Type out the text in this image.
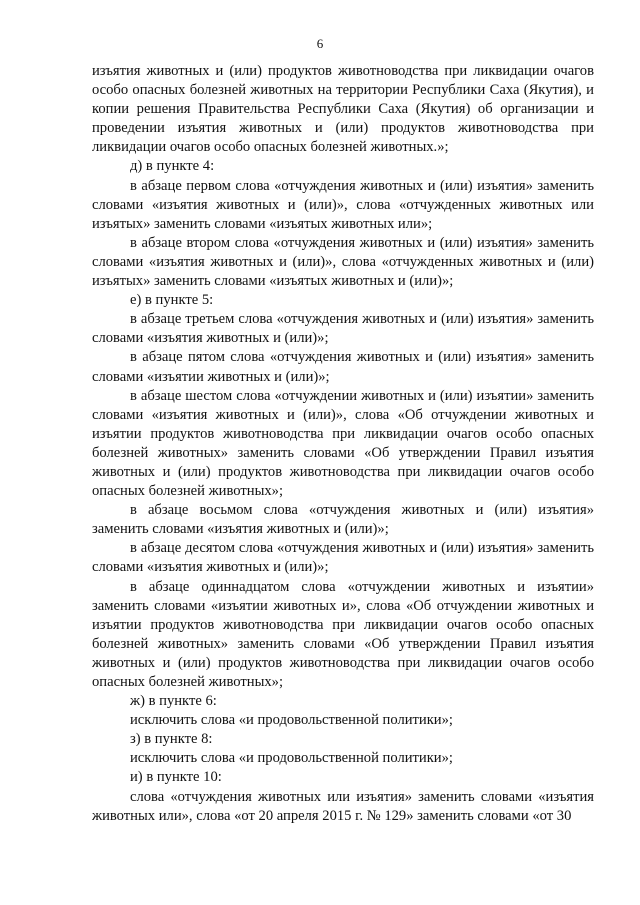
6

изъятия животных и (или) продуктов животноводства при ликвидации очагов особо опасных болезней животных на территории Республики Саха (Якутия), и копии решения Правительства Республики Саха (Якутия) об организации и проведении изъятия животных и (или) продуктов животноводства при ликвидации очагов особо опасных болезней животных.»;

д) в пункте 4:

в абзаце первом слова «отчуждения животных и (или) изъятия» заменить словами «изъятия животных и (или)», слова «отчужденных животных или изъятых» заменить словами «изъятых животных или»;

в абзаце втором слова «отчуждения животных и (или) изъятия» заменить словами «изъятия животных и (или)», слова «отчужденных животных и (или) изъятых» заменить словами «изъятых животных и (или)»;

е) в пункте 5:

в абзаце третьем слова «отчуждения животных и (или) изъятия» заменить словами «изъятия животных и (или)»;

в абзаце пятом слова «отчуждения животных и (или) изъятия» заменить словами «изъятии животных и (или)»;

в абзаце шестом слова «отчуждении животных и (или) изъятии» заменить словами «изъятия животных и (или)», слова «Об отчуждении животных и изъятии продуктов животноводства при ликвидации очагов особо опасных болезней животных» заменить словами «Об утверждении Правил изъятия животных и (или) продуктов животноводства при ликвидации очагов особо опасных болезней животных»;

в абзаце восьмом слова «отчуждения животных и (или) изъятия» заменить словами «изъятия животных и (или)»;

в абзаце десятом слова «отчуждения животных и (или) изъятия» заменить словами «изъятия животных и (или)»;

в абзаце одиннадцатом слова «отчуждении животных и изъятии» заменить словами «изъятии животных и», слова «Об отчуждении животных и изъятии продуктов животноводства при ликвидации очагов особо опасных болезней животных» заменить словами «Об утверждении Правил изъятия животных и (или) продуктов животноводства при ликвидации очагов особо опасных болезней животных»;

ж) в пункте 6:

исключить слова «и продовольственной политики»;

з) в пункте 8:

исключить слова «и продовольственной политики»;

и) в пункте 10:

слова «отчуждения животных или изъятия» заменить словами «изъятия животных или», слова «от 20 апреля 2015 г. № 129» заменить словами «от 30
